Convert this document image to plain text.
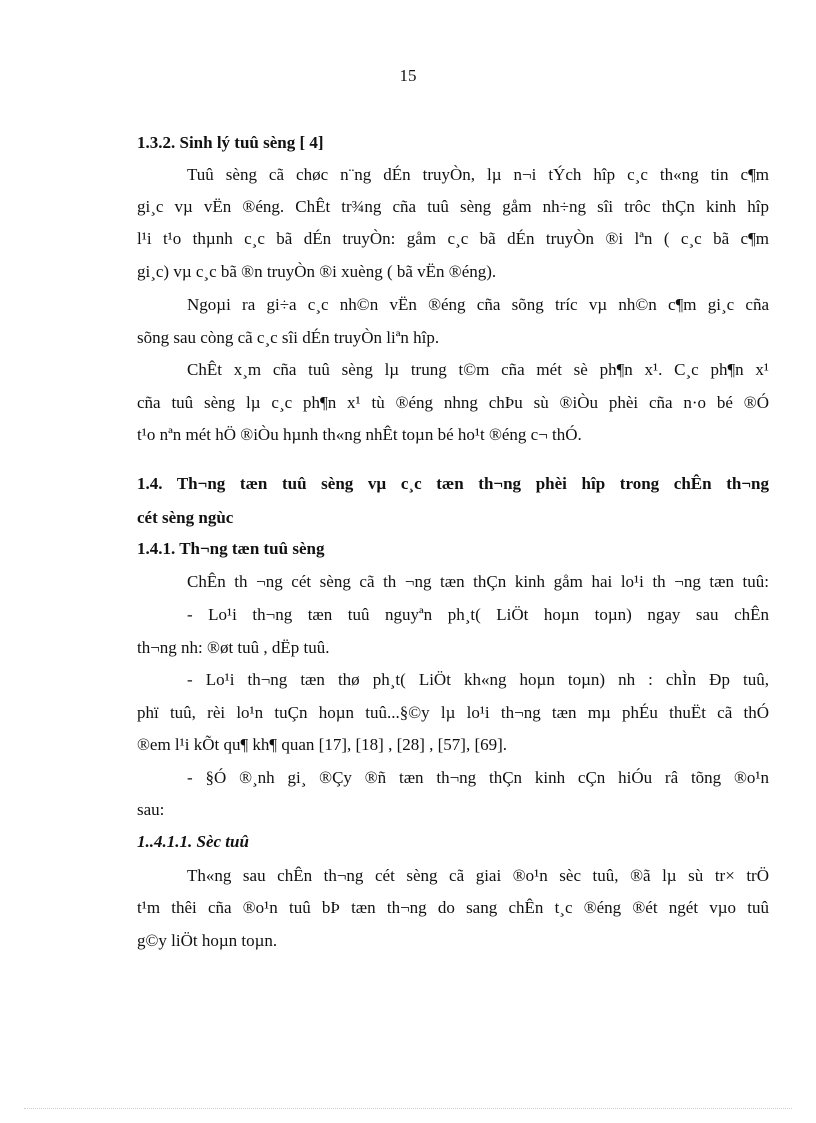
15
1.3.2. Sinh lý tuû sèng [ 4]
Tuû sèng cã chøc n¨ng dÉn truyÒn, lµ n¬i tÝch hîp c¸c th«ng tin c¶m
gi¸c vµ vËn ®éng. ChÊt tr¾ng cña tuû sèng gåm nh÷ng sîi trôc thÇn kinh hîp
l¹i t¹o thµnh c¸c bã dÉn truyÒn: gåm c¸c bã dÉn truyÒn ®i lªn ( c¸c bã c¶m
gi¸c) vµ c¸c bã ®n truyÒn ®i xuèng ( bã vËn ®éng).
Ngoµi ra gi÷a c¸c nh©n vËn ®éng cña sõng tríc vµ nh©n c¶m gi¸c cña
sõng sau còng cã c¸c sîi dÉn truyÒn liªn hîp.
ChÊt x¸m cña tuû sèng lµ trung t©m cña mét sè ph¶n x¹. C¸c ph¶n x¹
cña tuû sèng lµ c¸c ph¶n x¹ tù ®éng nhng chÞu sù ®iÒu phèi cña n·o bé ®Ó
t¹o nªn mét hÖ ®iÒu hµnh th«ng nhÊt toµn bé ho¹t ®éng c¬ thÓ.
1.4. Th¬ng tæn tuû sèng vµ c¸c tæn th¬ng phèi hîp trong chÊn th¬ng
cét sèng ngùc
1.4.1. Th¬ng tæn tuû sèng
ChÊn th ¬ng cét sèng cã th ¬ng tæn thÇn kinh gåm hai lo¹i th ¬ng tæn tuû:
- Lo¹i th¬ng tæn tuû nguyªn ph¸t( LiÖt hoµn toµn) ngay sau chÊn
th¬ng nh: ®øt tuû , dËp tuû.
- Lo¹i th¬ng tæn thø ph¸t( LiÖt kh«ng hoµn toµn) nh : chÌn Ðp tuû,
phï tuû, rèi lo¹n tuÇn hoµn tuû...§©y lµ lo¹i th¬ng tæn mµ phÉu thuËt cã thÓ
®em l¹i kÕt qu¶ kh¶ quan [17], [18] , [28] , [57], [69].
- §Ó ®¸nh gi¸ ®Çy ®ñ tæn th¬ng thÇn kinh cÇn hiÓu râ tõng ®o¹n
sau:
1..4.1.1. Sèc tuû
Th«ng sau chÊn th¬ng cét sèng cã giai ®o¹n sèc tuû, ®ã lµ sù tr× trÖ
t¹m thêi cña ®o¹n tuû bÞ tæn th¬ng do sang chÊn t¸c ®éng ®ét ngét vµo tuû
g©y liÖt hoµn toµn.
